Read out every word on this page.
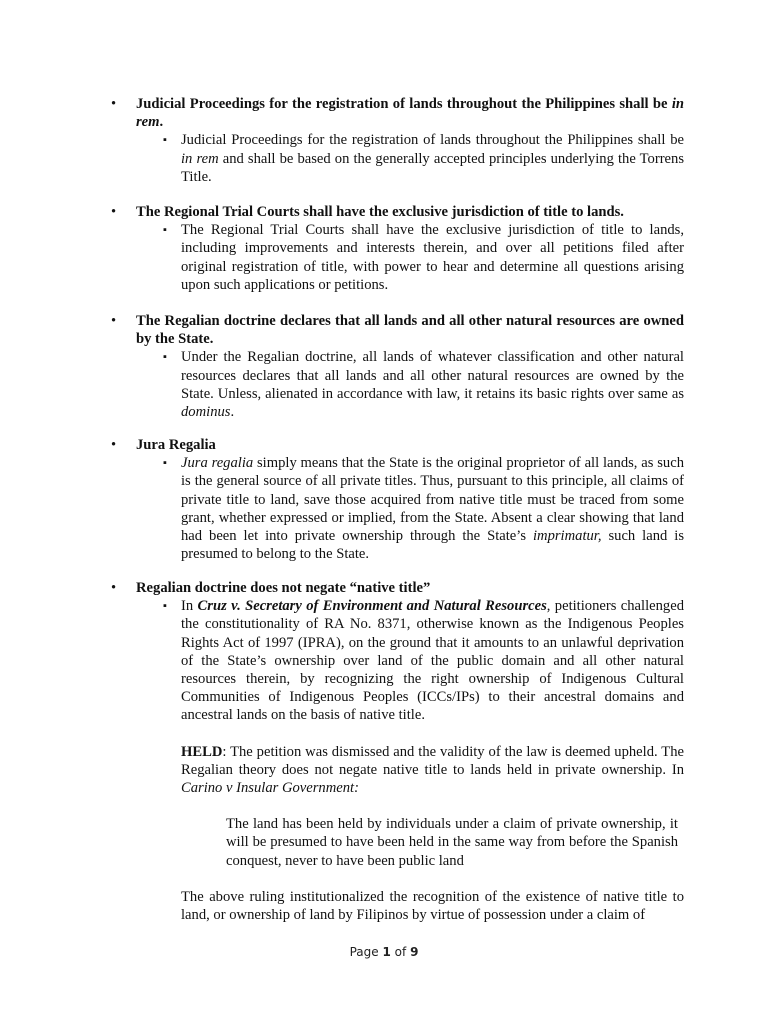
• Judicial Proceedings for the registration of lands throughout the Philippines shall be in rem.
▪ Judicial Proceedings for the registration of lands throughout the Philippines shall be in rem and shall be based on the generally accepted principles underlying the Torrens Title.
• The Regional Trial Courts shall have the exclusive jurisdiction of title to lands.
▪ The Regional Trial Courts shall have the exclusive jurisdiction of title to lands, including improvements and interests therein, and over all petitions filed after original registration of title, with power to hear and determine all questions arising upon such applications or petitions.
• The Regalian doctrine declares that all lands and all other natural resources are owned by the State.
▪ Under the Regalian doctrine, all lands of whatever classification and other natural resources declares that all lands and all other natural resources are owned by the State. Unless, alienated in accordance with law, it retains its basic rights over same as dominus.
• Jura Regalia
▪ Jura regalia simply means that the State is the original proprietor of all lands, as such is the general source of all private titles. Thus, pursuant to this principle, all claims of private title to land, save those acquired from native title must be traced from some grant, whether expressed or implied, from the State. Absent a clear showing that land had been let into private ownership through the State’s imprimatur, such land is presumed to belong to the State.
• Regalian doctrine does not negate “native title”
▪ In Cruz v. Secretary of Environment and Natural Resources, petitioners challenged the constitutionality of RA No. 8371, otherwise known as the Indigenous Peoples Rights Act of 1997 (IPRA), on the ground that it amounts to an unlawful deprivation of the State’s ownership over land of the public domain and all other natural resources therein, by recognizing the right ownership of Indigenous Cultural Communities of Indigenous Peoples (ICCs/IPs) to their ancestral domains and ancestral lands on the basis of native title.
HELD: The petition was dismissed and the validity of the law is deemed upheld. The Regalian theory does not negate native title to lands held in private ownership. In Carino v Insular Government:
The land has been held by individuals under a claim of private ownership, it will be presumed to have been held in the same way from before the Spanish conquest, never to have been public land
The above ruling institutionalized the recognition of the existence of native title to land, or ownership of land by Filipinos by virtue of possession under a claim of
Page 1 of 9
